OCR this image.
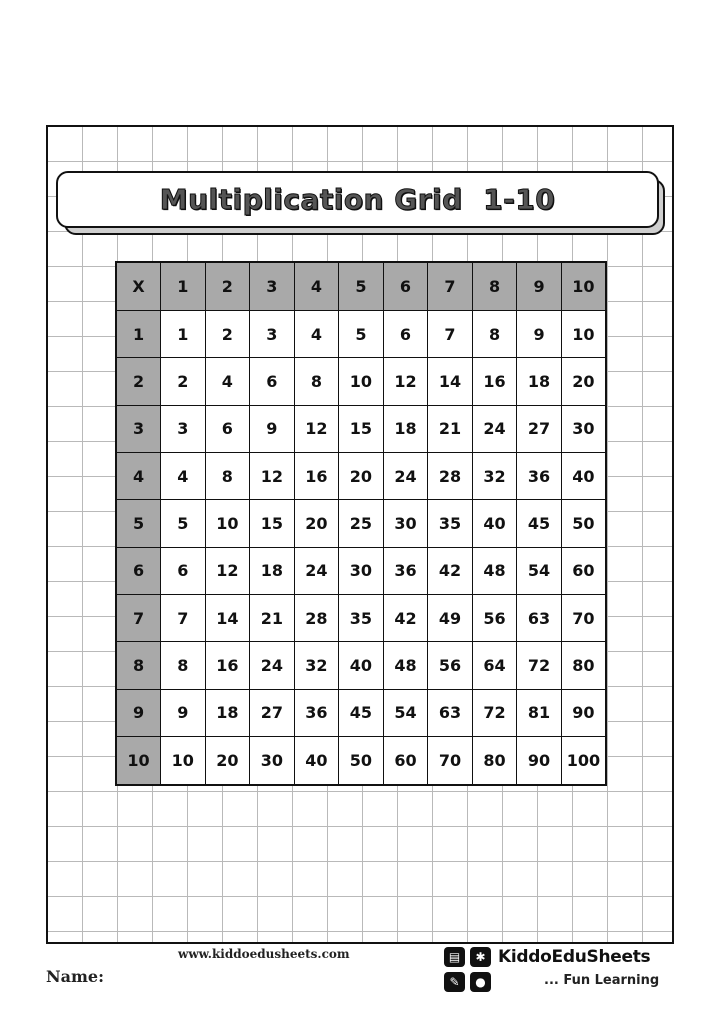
Multiplication Grid  1-10
X	1	2	3	4	5	6	7	8	9	10
1	1	2	3	4	5	6	7	8	9	10
2	2	4	6	8	10	12	14	16	18	20
3	3	6	9	12	15	18	21	24	27	30
4	4	8	12	16	20	24	28	32	36	40
5	5	10	15	20	25	30	35	40	45	50
6	6	12	18	24	30	36	42	48	54	60
7	7	14	21	28	35	42	49	56	63	70
8	8	16	24	32	40	48	56	64	72	80
9	9	18	27	36	45	54	63	72	81	90
10	10	20	30	40	50	60	70	80	90	100
www.kiddoedusheets.com
Name:
▤	✱
✎	●
KiddoEduSheets
... Fun Learning
